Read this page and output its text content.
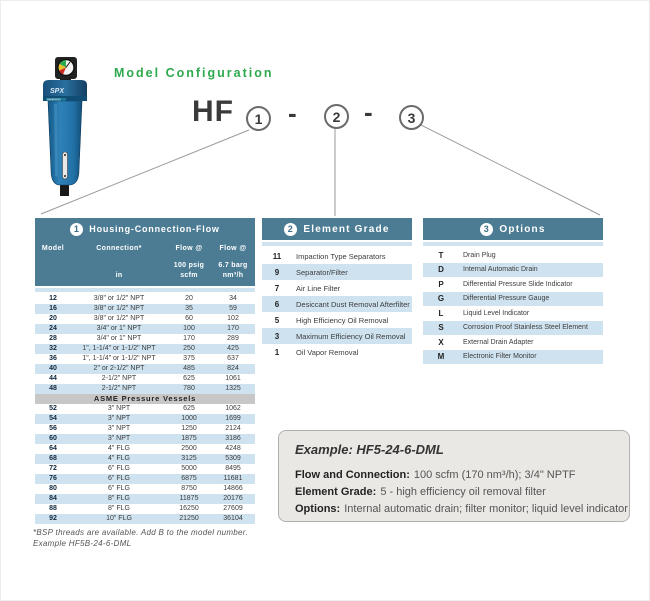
SPX
HANKISON
Model Configuration
HF	1 -	2 -	3
1	Housing-Connection-Flow
Model	Connection*
in
Flow @
100 psig
scfm
Flow @
6.7 barg
nm³/h
12	3/8" or 1/2" NPT	20	34
16	3/8" or 1/2" NPT	35	59
20	3/8" or 1/2" NPT	60	102
24	3/4" or 1" NPT	100	170
28	3/4" or 1" NPT	170	289
32	1", 1-1/4" or 1-1/2" NPT	250	425
36	1", 1-1/4" or 1-1/2" NPT	375	637
40	2" or 2-1/2" NPT	485	824
44	2-1/2" NPT	625	1061
48	2-1/2" NPT	780	1325
ASME Pressure Vessels
52	3" NPT	625	1062
54	3" NPT	1000	1699
56	3" NPT	1250	2124
60	3" NPT	1875	3186
64	4" FLG	2500	4248
68	4" FLG	3125	5309
72	6" FLG	5000	8495
76	6" FLG	6875	11681
80	6" FLG	8750	14866
84	8" FLG	11875	20176
88	8" FLG	16250	27609
92	10" FLG	21250	36104
*BSP threads are available. Add B to the model number.
Example HF5B-24-6-DML
2 Element Grade
11	Impaction Type Separators
9	Separator/Filter
7	Air Line Filter
6	Desiccant Dust Removal Afterfilter
5	High Efficiency Oil Removal
3	Maximum Efficiency Oil Removal
1	Oil Vapor Removal
3 Options
T	Drain Plug
D	Internal Automatic Drain
P	Differential Pressure Slide Indicator
G	Differential Pressure Gauge
L	Liquid Level Indicator
S	Corrosion Proof Stainless Steel Element
X	External Drain Adapter
M	Electronic Filter Monitor
Example: HF5-24-6-DML
Flow and Connection: 100 scfm (170 nm³/h); 3/4" NPTF
Element Grade: 5 - high efficiency oil removal filter
Options: Internal automatic drain; filter monitor; liquid level indicator
